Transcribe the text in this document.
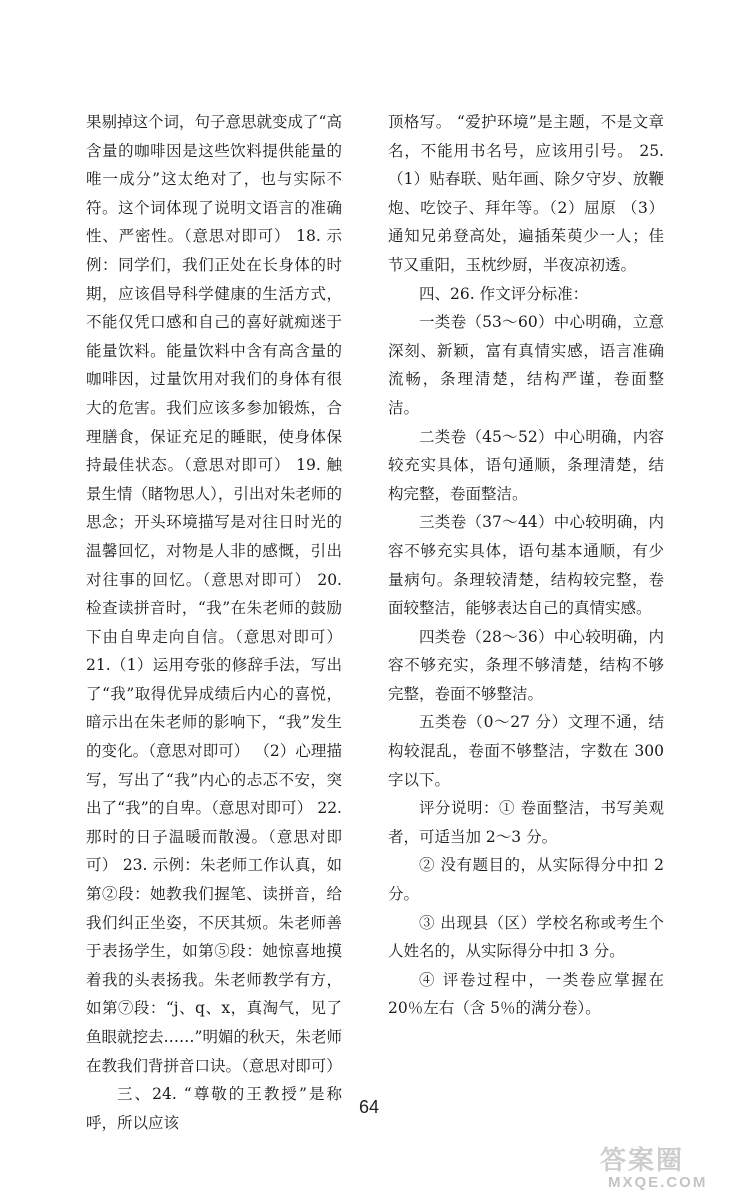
果剔掉这个词，句子意思就变成了“高含量的咖啡因是这些饮料提供能量的唯一成分”这太绝对了，也与实际不符。这个词体现了说明文语言的准确性、严密性。（意思对即可） 18. 示例：同学们，我们正处在长身体的时期，应该倡导科学健康的生活方式，不能仅凭口感和自己的喜好就痴迷于能量饮料。能量饮料中含有高含量的咖啡因，过量饮用对我们的身体有很大的危害。我们应该多参加锻炼，合理膳食，保证充足的睡眠，使身体保持最佳状态。（意思对即可） 19. 触景生情（睹物思人），引出对朱老师的思念；开头环境描写是对往日时光的温馨回忆，对物是人非的感慨，引出对往事的回忆。（意思对即可） 20. 检查读拼音时，“我”在朱老师的鼓励下由自卑走向自信。（意思对即可） 21.（1）运用夸张的修辞手法，写出了“我”取得优异成绩后内心的喜悦，暗示出在朱老师的影响下，“我”发生的变化。（意思对即可） （2）心理描写，写出了“我”内心的忐忑不安，突出了“我”的自卑。（意思对即可） 22. 那时的日子温暖而散漫。（意思对即可） 23. 示例：朱老师工作认真，如第②段：她教我们握笔、读拼音，给我们纠正坐姿，不厌其烦。朱老师善于表扬学生，如第⑤段：她惊喜地摸着我的头表扬我。朱老师教学有方，如第⑦段：“j、q、x，真淘气，见了鱼眼就挖去……”明媚的秋天，朱老师在教我们背拼音口诀。（意思对即可）

三、24. “尊敬的王教授”是称呼，所以应该

顶格写。 “爱护环境”是主题，不是文章名，不能用书名号，应该用引号。 25.（1）贴春联、贴年画、除夕守岁、放鞭炮、吃饺子、拜年等。（2）屈原 （3）通知兄弟登高处，遍插茱萸少一人；佳节又重阳，玉枕纱厨，半夜凉初透。

四、26. 作文评分标准：

一类卷（53～60）中心明确，立意深刻、新颖，富有真情实感，语言准确流畅，条理清楚，结构严谨，卷面整洁。

二类卷（45～52）中心明确，内容较充实具体，语句通顺，条理清楚，结构完整，卷面整洁。

三类卷（37～44）中心较明确，内容不够充实具体，语句基本通顺，有少量病句。条理较清楚，结构较完整，卷面较整洁，能够表达自己的真情实感。

四类卷（28～36）中心较明确，内容不够充实，条理不够清楚，结构不够完整，卷面不够整洁。

五类卷（0～27 分）文理不通，结构较混乱，卷面不够整洁，字数在 300 字以下。

评分说明：① 卷面整洁，书写美观者，可适当加 2～3 分。

② 没有题目的，从实际得分中扣 2 分。

③ 出现县（区）学校名称或考生个人姓名的，从实际得分中扣 3 分。

④ 评卷过程中，一类卷应掌握在 20％左右（含 5％的满分卷）。

64
答案圈
MXQE.COM
